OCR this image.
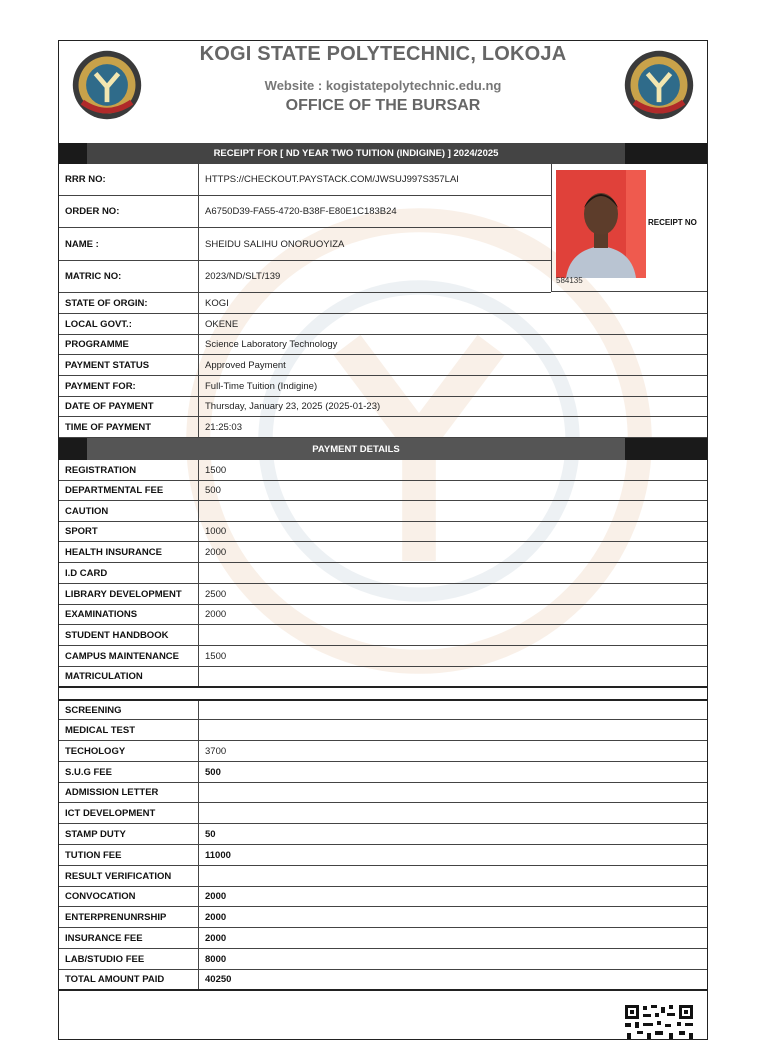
KOGI STATE POLYTECHNIC, LOKOJA
Website : kogistatepolytechnic.edu.ng
OFFICE OF THE BURSAR
RECEIPT FOR [ ND YEAR TWO TUITION (INDIGINE) ] 2024/2025
RRR NO:	HTTPS://CHECKOUT.PAYSTACK.COM/JWSUJ997S357LAI
ORDER NO:	A6750D39-FA55-4720-B38F-E80E1C183B24
NAME :	SHEIDU SALIHU ONORUOYIZA
MATRIC NO:	2023/ND/SLT/139
RECEIPT NO
584135
STATE OF ORGIN:	KOGI
LOCAL GOVT.:	OKENE
PROGRAMME	Science Laboratory Technology
PAYMENT STATUS	Approved Payment
PAYMENT FOR:	Full-Time Tuition (Indigine)
DATE OF PAYMENT	Thursday, January 23, 2025 (2025-01-23)
TIME OF PAYMENT	21:25:03
PAYMENT DETAILS
REGISTRATION	1500
DEPARTMENTAL FEE	500
CAUTION
SPORT	1000
HEALTH INSURANCE	2000
I.D CARD
LIBRARY DEVELOPMENT	2500
EXAMINATIONS	2000
STUDENT HANDBOOK
CAMPUS MAINTENANCE	1500
MATRICULATION
SCREENING
MEDICAL TEST
TECHOLOGY	3700
S.U.G FEE	500
ADMISSION LETTER
ICT DEVELOPMENT
STAMP DUTY	50
TUTION FEE	11000
RESULT VERIFICATION
CONVOCATION	2000
ENTERPRENUNRSHIP	2000
INSURANCE FEE	2000
LAB/STUDIO FEE	8000
TOTAL AMOUNT PAID	40250
